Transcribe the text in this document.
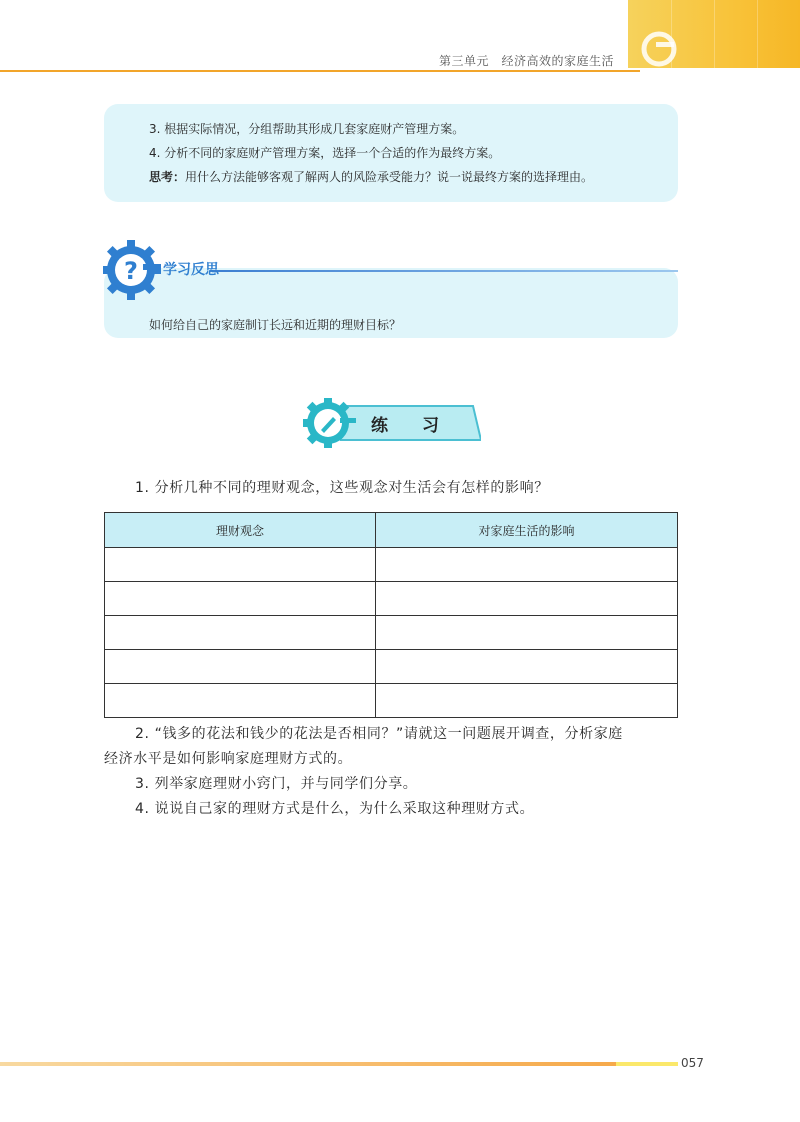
第三单元　经济高效的家庭生活

3. 根据实际情况，分组帮助其形成几套家庭财产管理方案。

4. 分析不同的家庭财产管理方案，选择一个合适的作为最终方案。

思考：用什么方法能够客观了解两人的风险承受能力？说一说最终方案的选择理由。

如何给自己的家庭制订长远和近期的理财目标？

? 学习反思
练　　习

1. 分析几种不同的理财观念，这些观念对生活会有怎样的影响？

理财观念	对家庭生活的影响

2. “钱多的花法和钱少的花法是否相同？”请就这一问题展开调查，分析家庭

经济水平是如何影响家庭理财方式的。

3. 列举家庭理财小窍门，并与同学们分享。

4. 说说自己家的理财方式是什么，为什么采取这种理财方式。

057
